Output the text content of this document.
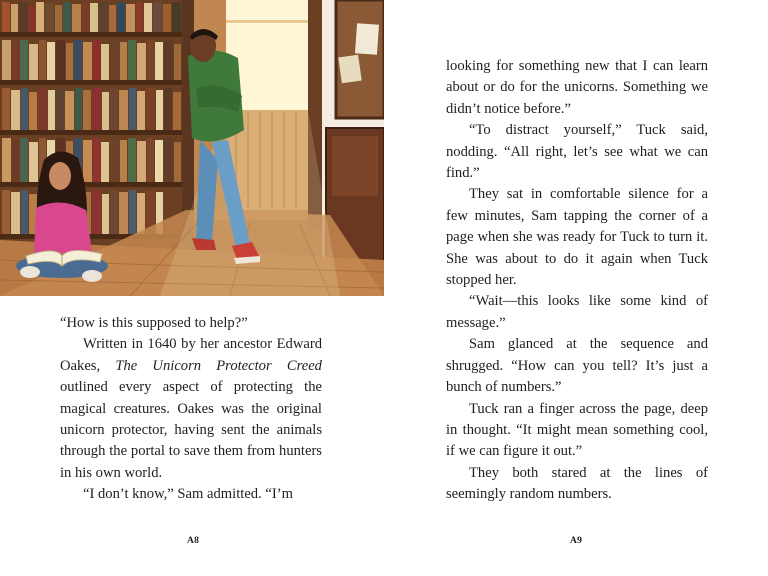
“How is this supposed to help?”

Written in 1640 by her ancestor Edward Oakes, The Unicorn Protector Creed outlined every aspect of protecting the magical creatures. Oakes was the original unicorn protector, having sent the animals through the portal to save them from hunters in his own world.

“I don’t know,” Sam admitted. “I’m

A8

looking for something new that I can learn about or do for the unicorns. Something we didn’t notice before.”

“To distract yourself,” Tuck said, nodding. “All right, let’s see what we can find.”

They sat in comfortable silence for a few minutes, Sam tapping the corner of a page when she was ready for Tuck to turn it. She was about to do it again when Tuck stopped her.

“Wait—this looks like some kind of message.”

Sam glanced at the sequence and shrugged. “How can you tell? It’s just a bunch of numbers.”

Tuck ran a finger across the page, deep in thought. “It might mean something cool, if we can figure it out.”

They both stared at the lines of seemingly random numbers.

A9
